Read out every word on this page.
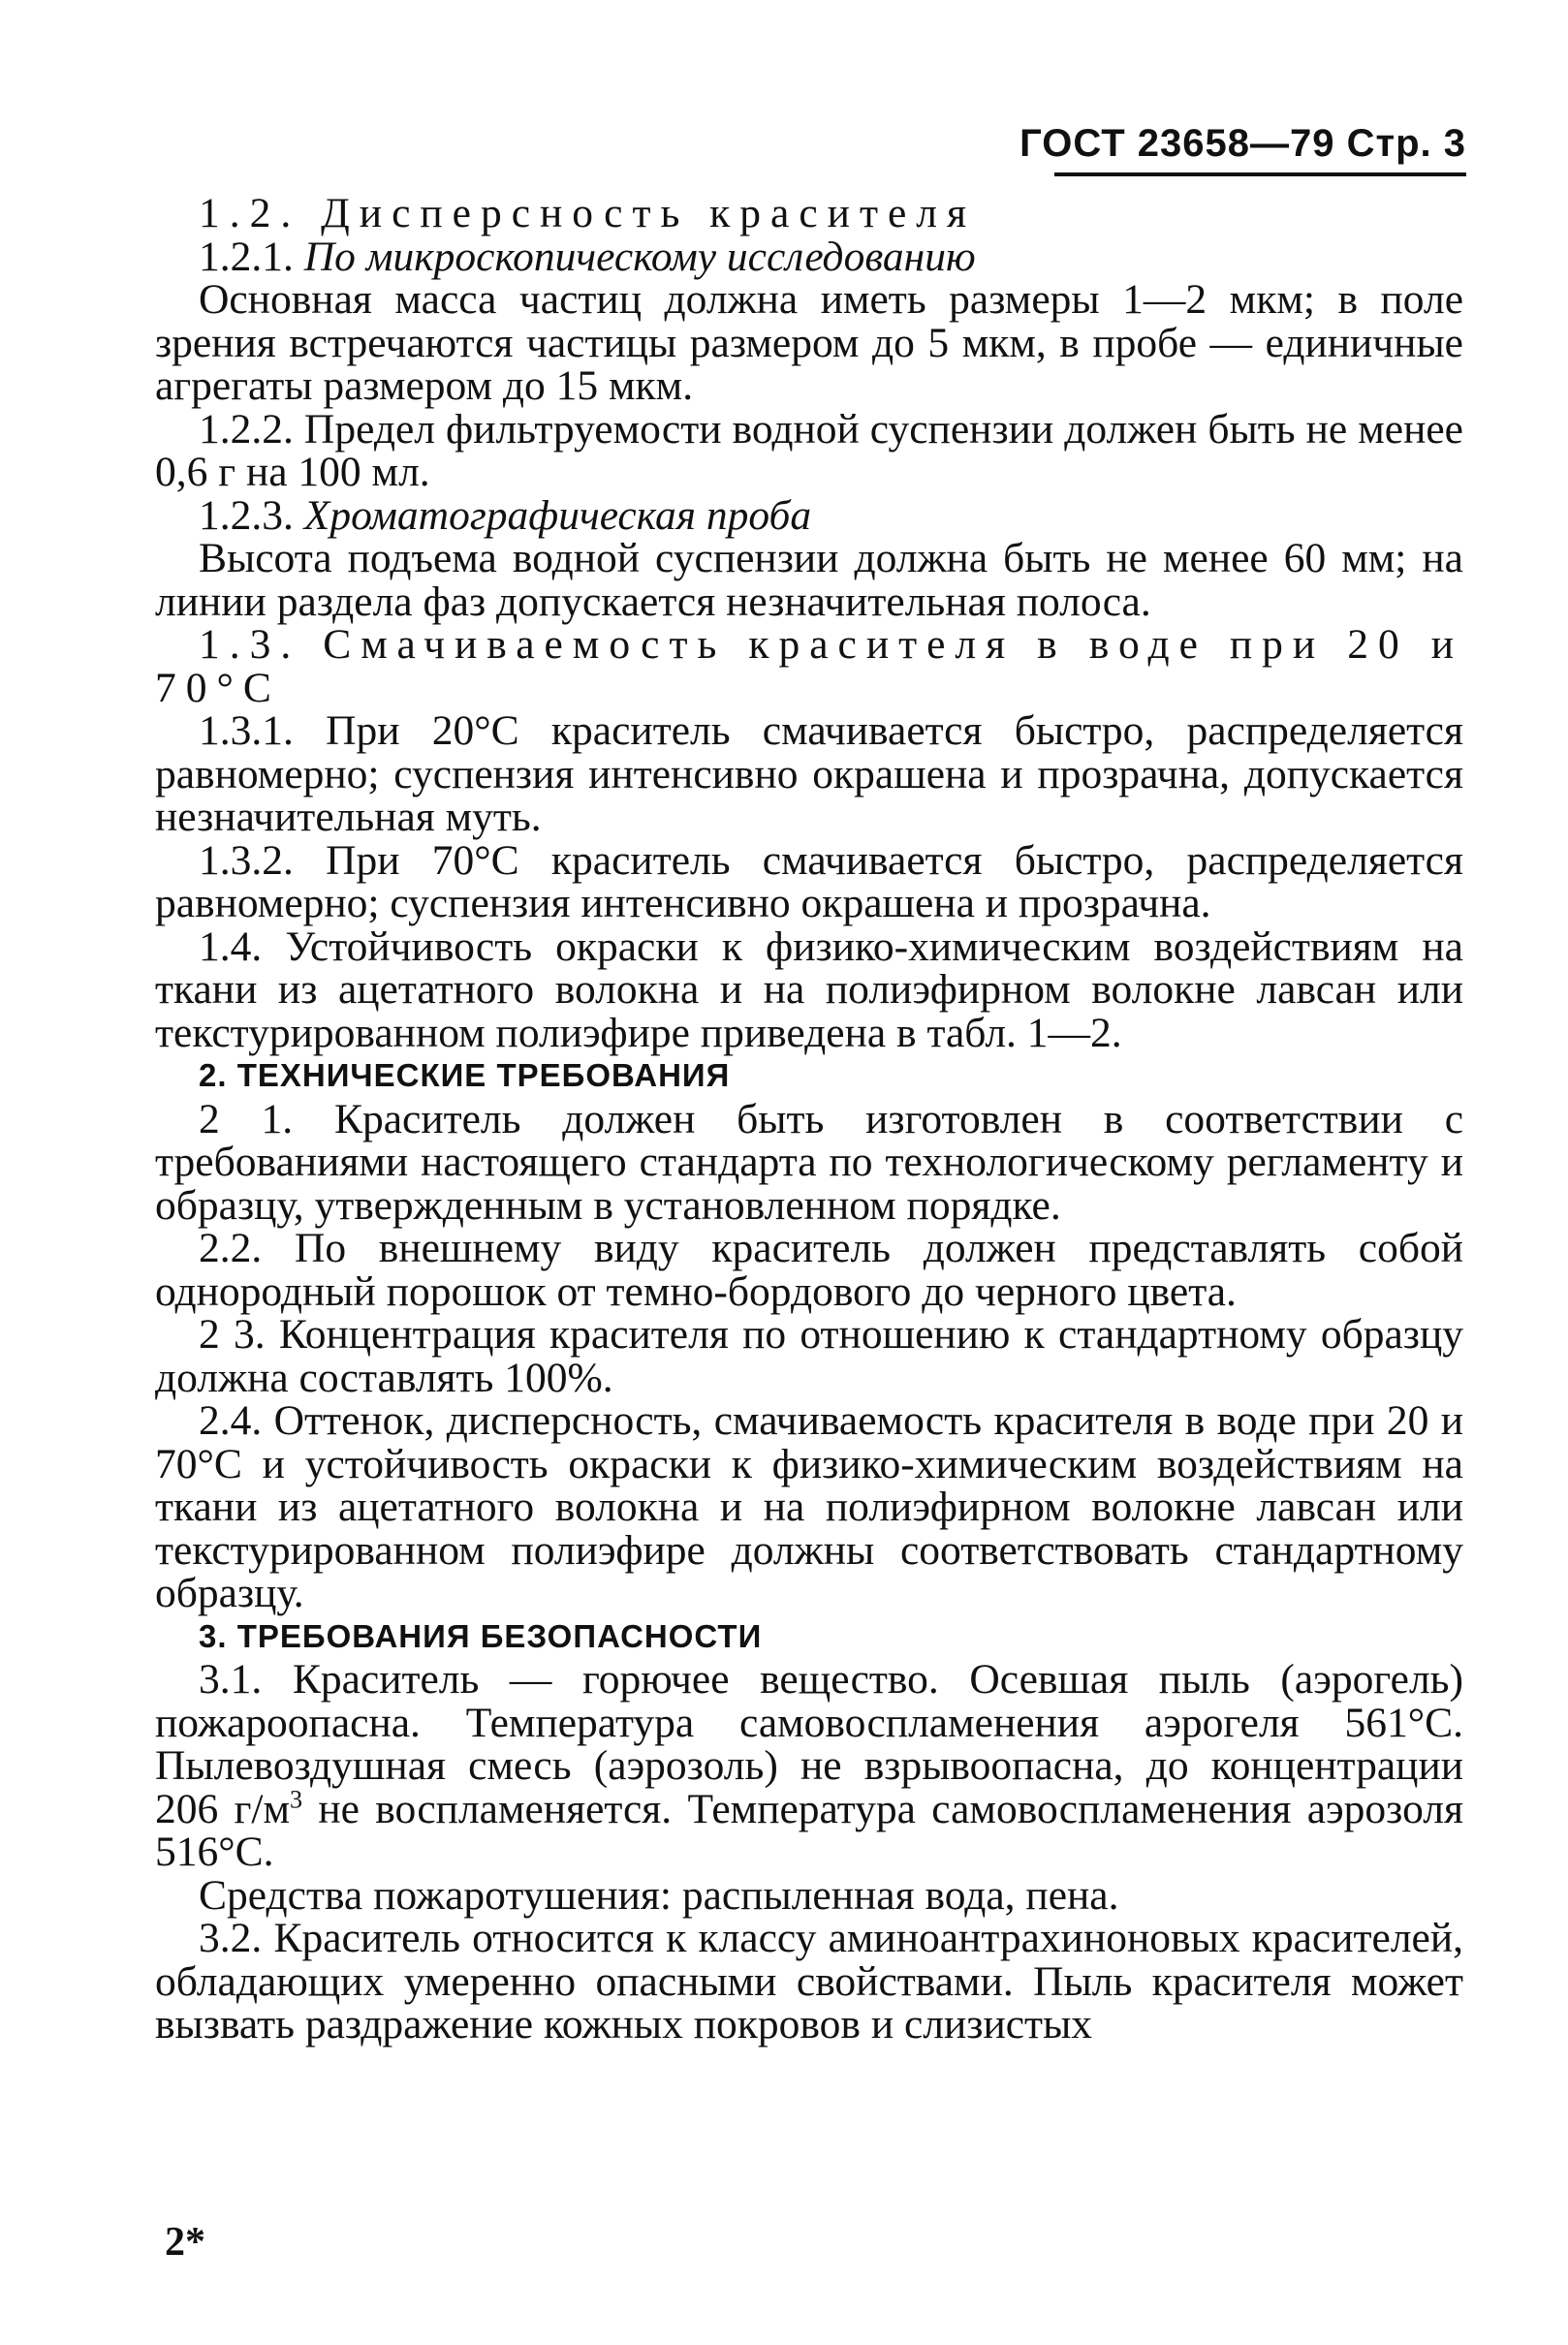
ГОСТ 23658—79 Стр. 3

1.2. Дисперсность красителя

1.2.1. По микроскопическому исследованию

Основная масса частиц должна иметь размеры 1—2 мкм; в поле зрения встречаются частицы размером до 5 мкм, в пробе — единичные агрегаты размером до 15 мкм.

1.2.2. Предел фильтруемости водной суспензии должен быть не менее 0,6 г на 100 мл.

1.2.3. Хроматографическая проба

Высота подъема водной суспензии должна быть не менее 60 мм; на линии раздела фаз допускается незначительная полоса.

1.3. Смачиваемость красителя в воде при 20 и 70°С

1.3.1. При 20°С краситель смачивается быстро, распределяется равномерно; суспензия интенсивно окрашена и прозрачна, допускается незначительная муть.

1.3.2. При 70°С краситель смачивается быстро, распределяется равномерно; суспензия интенсивно окрашена и прозрачна.

1.4. Устойчивость окраски к физико-химическим воздействиям на ткани из ацетатного волокна и на полиэфирном волокне лавсан или текстурированном полиэфире приведена в табл. 1—2.

2. ТЕХНИЧЕСКИЕ ТРЕБОВАНИЯ

2 1. Краситель должен быть изготовлен в соответствии с требованиями настоящего стандарта по технологическому регламенту и образцу, утвержденным в установленном порядке.

2.2. По внешнему виду краситель должен представлять собой однородный порошок от темно-бордового до черного цвета.

2 3. Концентрация красителя по отношению к стандартному образцу должна составлять 100%.

2.4. Оттенок, дисперсность, смачиваемость красителя в воде при 20 и 70°С и устойчивость окраски к физико-химическим воздействиям на ткани из ацетатного волокна и на полиэфирном волокне лавсан или текстурированном полиэфире должны соответствовать стандартному образцу.

3. ТРЕБОВАНИЯ БЕЗОПАСНОСТИ

3.1. Краситель — горючее вещество. Осевшая пыль (аэрогель) пожароопасна. Температура самовоспламенения аэрогеля 561°С. Пылевоздушная смесь (аэрозоль) не взрывоопасна, до концентрации 206 $г/м^3$ не воспламеняется. Температура самовоспламенения аэрозоля 516°С.

Средства пожаротушения: распыленная вода, пена.

3.2. Краситель относится к классу аминоантрахиноновых красителей, обладающих умеренно опасными свойствами. Пыль красителя может вызвать раздражение кожных покровов и слизистых

2*
